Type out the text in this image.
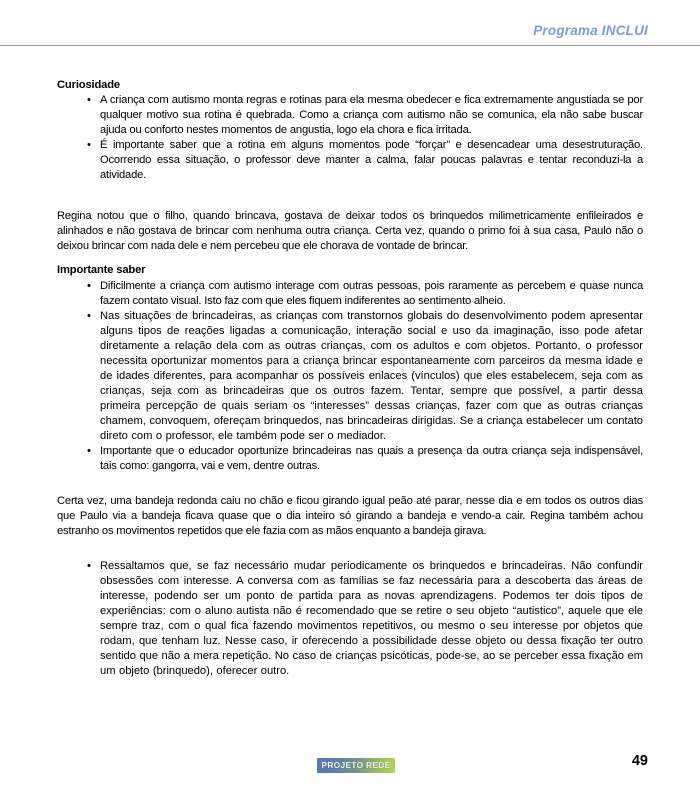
Programa INCLUI
Curiosidade
• A criança com autismo monta regras e rotinas para ela mesma obedecer e fica extremamente angustiada se por qualquer motivo sua rotina é quebrada. Como a criança com autismo não se comunica, ela não sabe buscar ajuda ou conforto nestes momentos de angustia, logo ela chora e fica irritada.
• É importante saber que a rotina em alguns momentos pode “forçar” e desencadear uma desestruturação. Ocorrendo essa situação, o professor deve manter a calma, falar poucas palavras e tentar reconduzi-la a atividade.

Regina notou que o filho, quando brincava, gostava de deixar todos os brinquedos milimetricamente enfileirados e alinhados e não gostava de brincar com nenhuma outra criança. Certa vez, quando o primo foi à sua casa, Paulo não o deixou brincar com nada dele e nem percebeu que ele chorava de vontade de brincar.

Importante saber
• Dificilmente a criança com autismo interage com outras pessoas, pois raramente as percebem e quase nunca fazem contato visual. Isto faz com que eles fiquem indiferentes ao sentimento alheio.
• Nas situações de brincadeiras, as crianças com transtornos globais do desenvolvimento podem apresentar alguns tipos de reações ligadas a comunicação, interação social e uso da imaginação, isso pode afetar diretamente a relação dela com as outras crianças, com os adultos e com objetos. Portanto, o professor necessita oportunizar momentos para a criança brincar espontaneamente com parceiros da mesma idade e de idades diferentes, para acompanhar os possíveis enlaces (vínculos) que eles estabelecem, seja com as crianças, seja com as brincadeiras que os outros fazem. Tentar, sempre que possível, a partir dessa primeira percepção de quais seriam os “interesses” dessas crianças, fazer com que as outras crianças chamem, convoquem, ofereçam brinquedos, nas brincadeiras dirigidas. Se a criança estabelecer um contato direto com o professor, ele também pode ser o mediador.
• Importante que o educador oportunize brincadeiras nas quais a presença da outra criança seja indispensável, tais como: gangorra, vai e vem, dentre outras.

Certa vez, uma bandeja redonda caiu no chão e ficou girando igual peão até parar, nesse dia e em todos os outros dias que Paulo via a bandeja ficava quase que o dia inteiro só girando a bandeja e vendo-a cair. Regina também achou estranho os movimentos repetidos que ele fazia com as mãos enquanto a bandeja girava.

• Ressaltamos que, se faz necessário mudar periodicamente os brinquedos e brincadeiras. Não confundir obsessões com interesse. A conversa com as famílias se faz necessária para a descoberta das áreas de interesse, podendo ser um ponto de partida para as novas aprendizagens. Podemos ter dois tipos de experiências: com o aluno autista não é recomendado que se retire o seu objeto “autistico”, aquele que ele sempre traz, com o qual fica fazendo movimentos repetitivos, ou mesmo o seu interesse por objetos que rodam, que tenham luz. Nesse caso, ir oferecendo a possibilidade desse objeto ou dessa fixação ter outro sentido que não a mera repetição. No caso de crianças psicóticas, pode-se, ao se perceber essa fixação em um objeto (brinquedo), oferecer outro.
PROJETO REDE	49
